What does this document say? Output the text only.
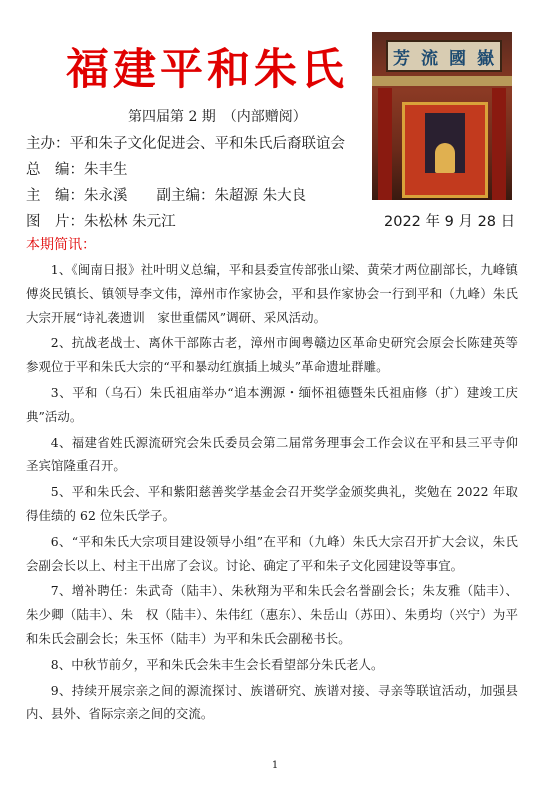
福建平和朱氏	芳 流 國 嶽
第四届第 2 期　（内部赠阅）
主办：平和朱子文化促进会、平和朱氏后裔联谊会
总　编：朱丰生
主　编：朱永溪　　副主编：朱超源 朱大良
图　片：朱松林 朱元江	2022 年 9 月 28 日
本期简讯：

1、《闽南日报》社叶明义总编，平和县委宣传部张山梁、黄荣才两位副部长，九峰镇傅炎民镇长、镇领导李文伟，漳州市作家协会，平和县作家协会一行到平和（九峰）朱氏大宗开展“诗礼袭遗训　家世重儒风”调研、采风活动。

2、抗战老战士、离休干部陈古老，漳州市闽粤赣边区革命史研究会原会长陈建英等参观位于平和朱氏大宗的“平和暴动红旗插上城头”革命遗址群雕。

3、平和（乌石）朱氏祖庙举办“追本溯源・缅怀祖德暨朱氏祖庙修（扩）建竣工庆典”活动。

4、福建省姓氏源流研究会朱氏委员会第二届常务理事会工作会议在平和县三平寺仰圣宾馆隆重召开。

5、平和朱氏会、平和紫阳慈善奖学基金会召开奖学金颁奖典礼，奖勉在 2022 年取得佳绩的 62 位朱氏学子。

6、“平和朱氏大宗项目建设领导小组”在平和（九峰）朱氏大宗召开扩大会议，朱氏会副会长以上、村主干出席了会议。讨论、确定了平和朱子文化园建设等事宜。

7、增补聘任：朱武奇（陆丰）、朱秋翔为平和朱氏会名誉副会长；朱友雅（陆丰）、朱少卿（陆丰）、朱　权（陆丰）、朱伟红（惠东）、朱岳山（苏田）、朱勇均（兴宁）为平和朱氏会副会长；朱玉怀（陆丰）为平和朱氏会副秘书长。

8、中秋节前夕，平和朱氏会朱丰生会长看望部分朱氏老人。

9、持续开展宗亲之间的源流探讨、族谱研究、族谱对接、寻亲等联谊活动，加强县内、县外、省际宗亲之间的交流。

1
